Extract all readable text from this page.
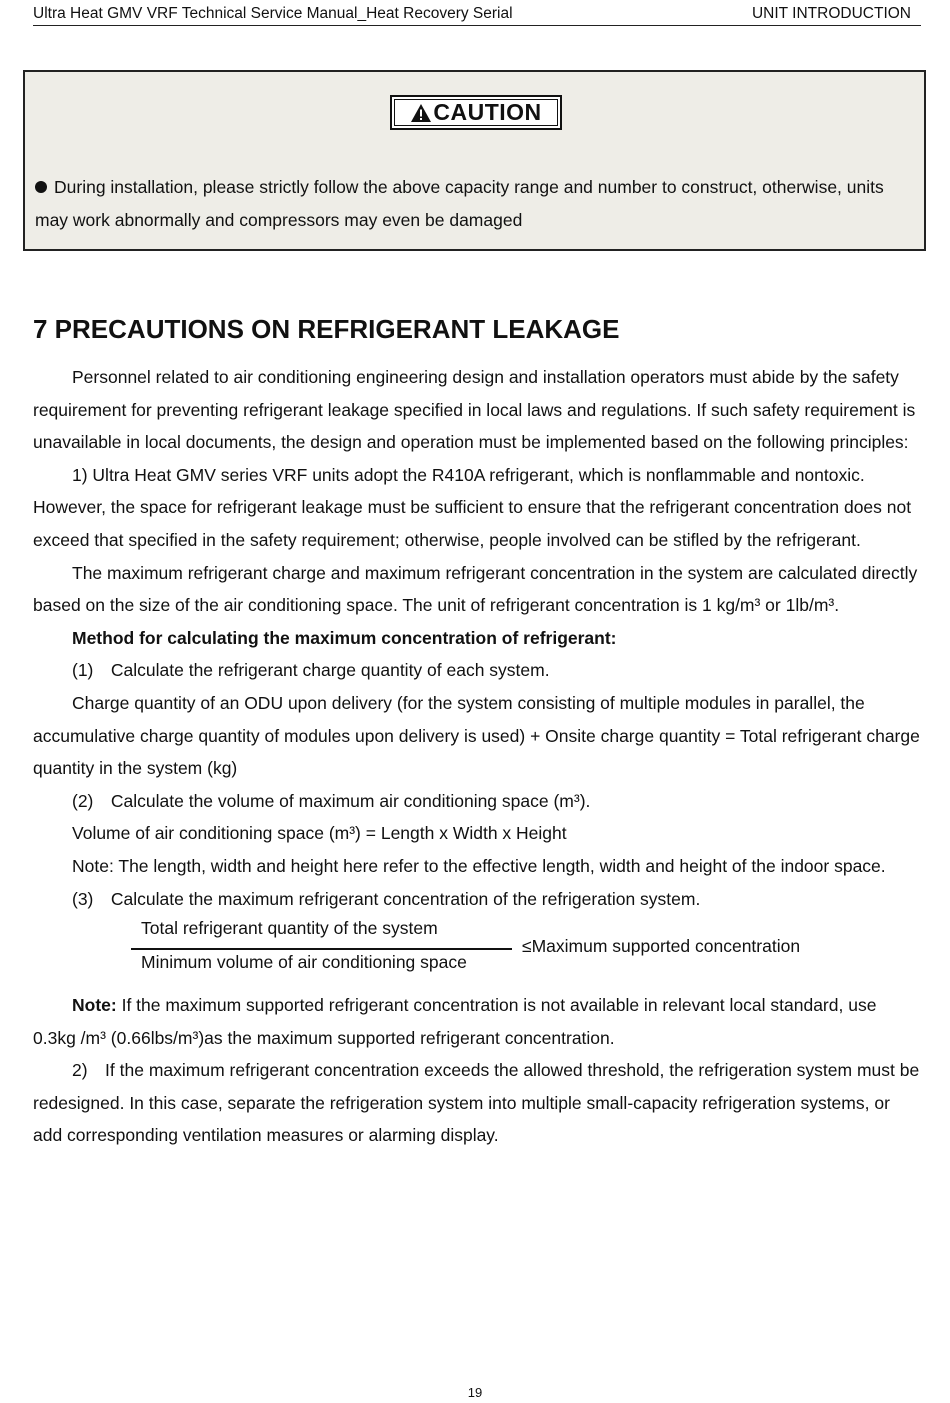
Ultra Heat GMV VRF Technical Service Manual_Heat Recovery Serial	UNIT INTRODUCTION
CAUTION
During installation, please strictly follow the above capacity range and number to construct, otherwise, units may work abnormally and compressors may even be damaged
7 PRECAUTIONS ON REFRIGERANT LEAKAGE

Personnel related to air conditioning engineering design and installation operators must abide by the safety requirement for preventing refrigerant leakage specified in local laws and regulations. If such safety requirement is unavailable in local documents, the design and operation must be implemented based on the following principles:

1) Ultra Heat GMV series VRF units adopt the R410A refrigerant, which is nonflammable and nontoxic. However, the space for refrigerant leakage must be sufficient to ensure that the refrigerant concentration does not exceed that specified in the safety requirement; otherwise, people involved can be stifled by the refrigerant.

The maximum refrigerant charge and maximum refrigerant concentration in the system are calculated directly based on the size of the air conditioning space. The unit of refrigerant concentration is 1 kg/m³ or 1lb/m³.

Method for calculating the maximum concentration of refrigerant:

(1)  Calculate the refrigerant charge quantity of each system.

Charge quantity of an ODU upon delivery (for the system consisting of multiple modules in parallel, the accumulative charge quantity of modules upon delivery is used) + Onsite charge quantity = Total refrigerant charge quantity in the system (kg)

(2)  Calculate the volume of maximum air conditioning space (m³).

Volume of air conditioning space (m³) = Length x Width x Height

Note: The length, width and height here refer to the effective length, width and height of the indoor space.

(3)  Calculate the maximum refrigerant concentration of the refrigeration system.

Total refrigerant quantity of the system
Minimum volume of air conditioning space
≤Maximum supported concentration

Note: If the maximum supported refrigerant concentration is not available in relevant local standard, use 0.3kg /m³ (0.66lbs/m³)as the maximum supported refrigerant concentration.

2)  If the maximum refrigerant concentration exceeds the allowed threshold, the refrigeration system must be redesigned. In this case, separate the refrigeration system into multiple small-capacity refrigeration systems, or add corresponding ventilation measures or alarming display.

19
